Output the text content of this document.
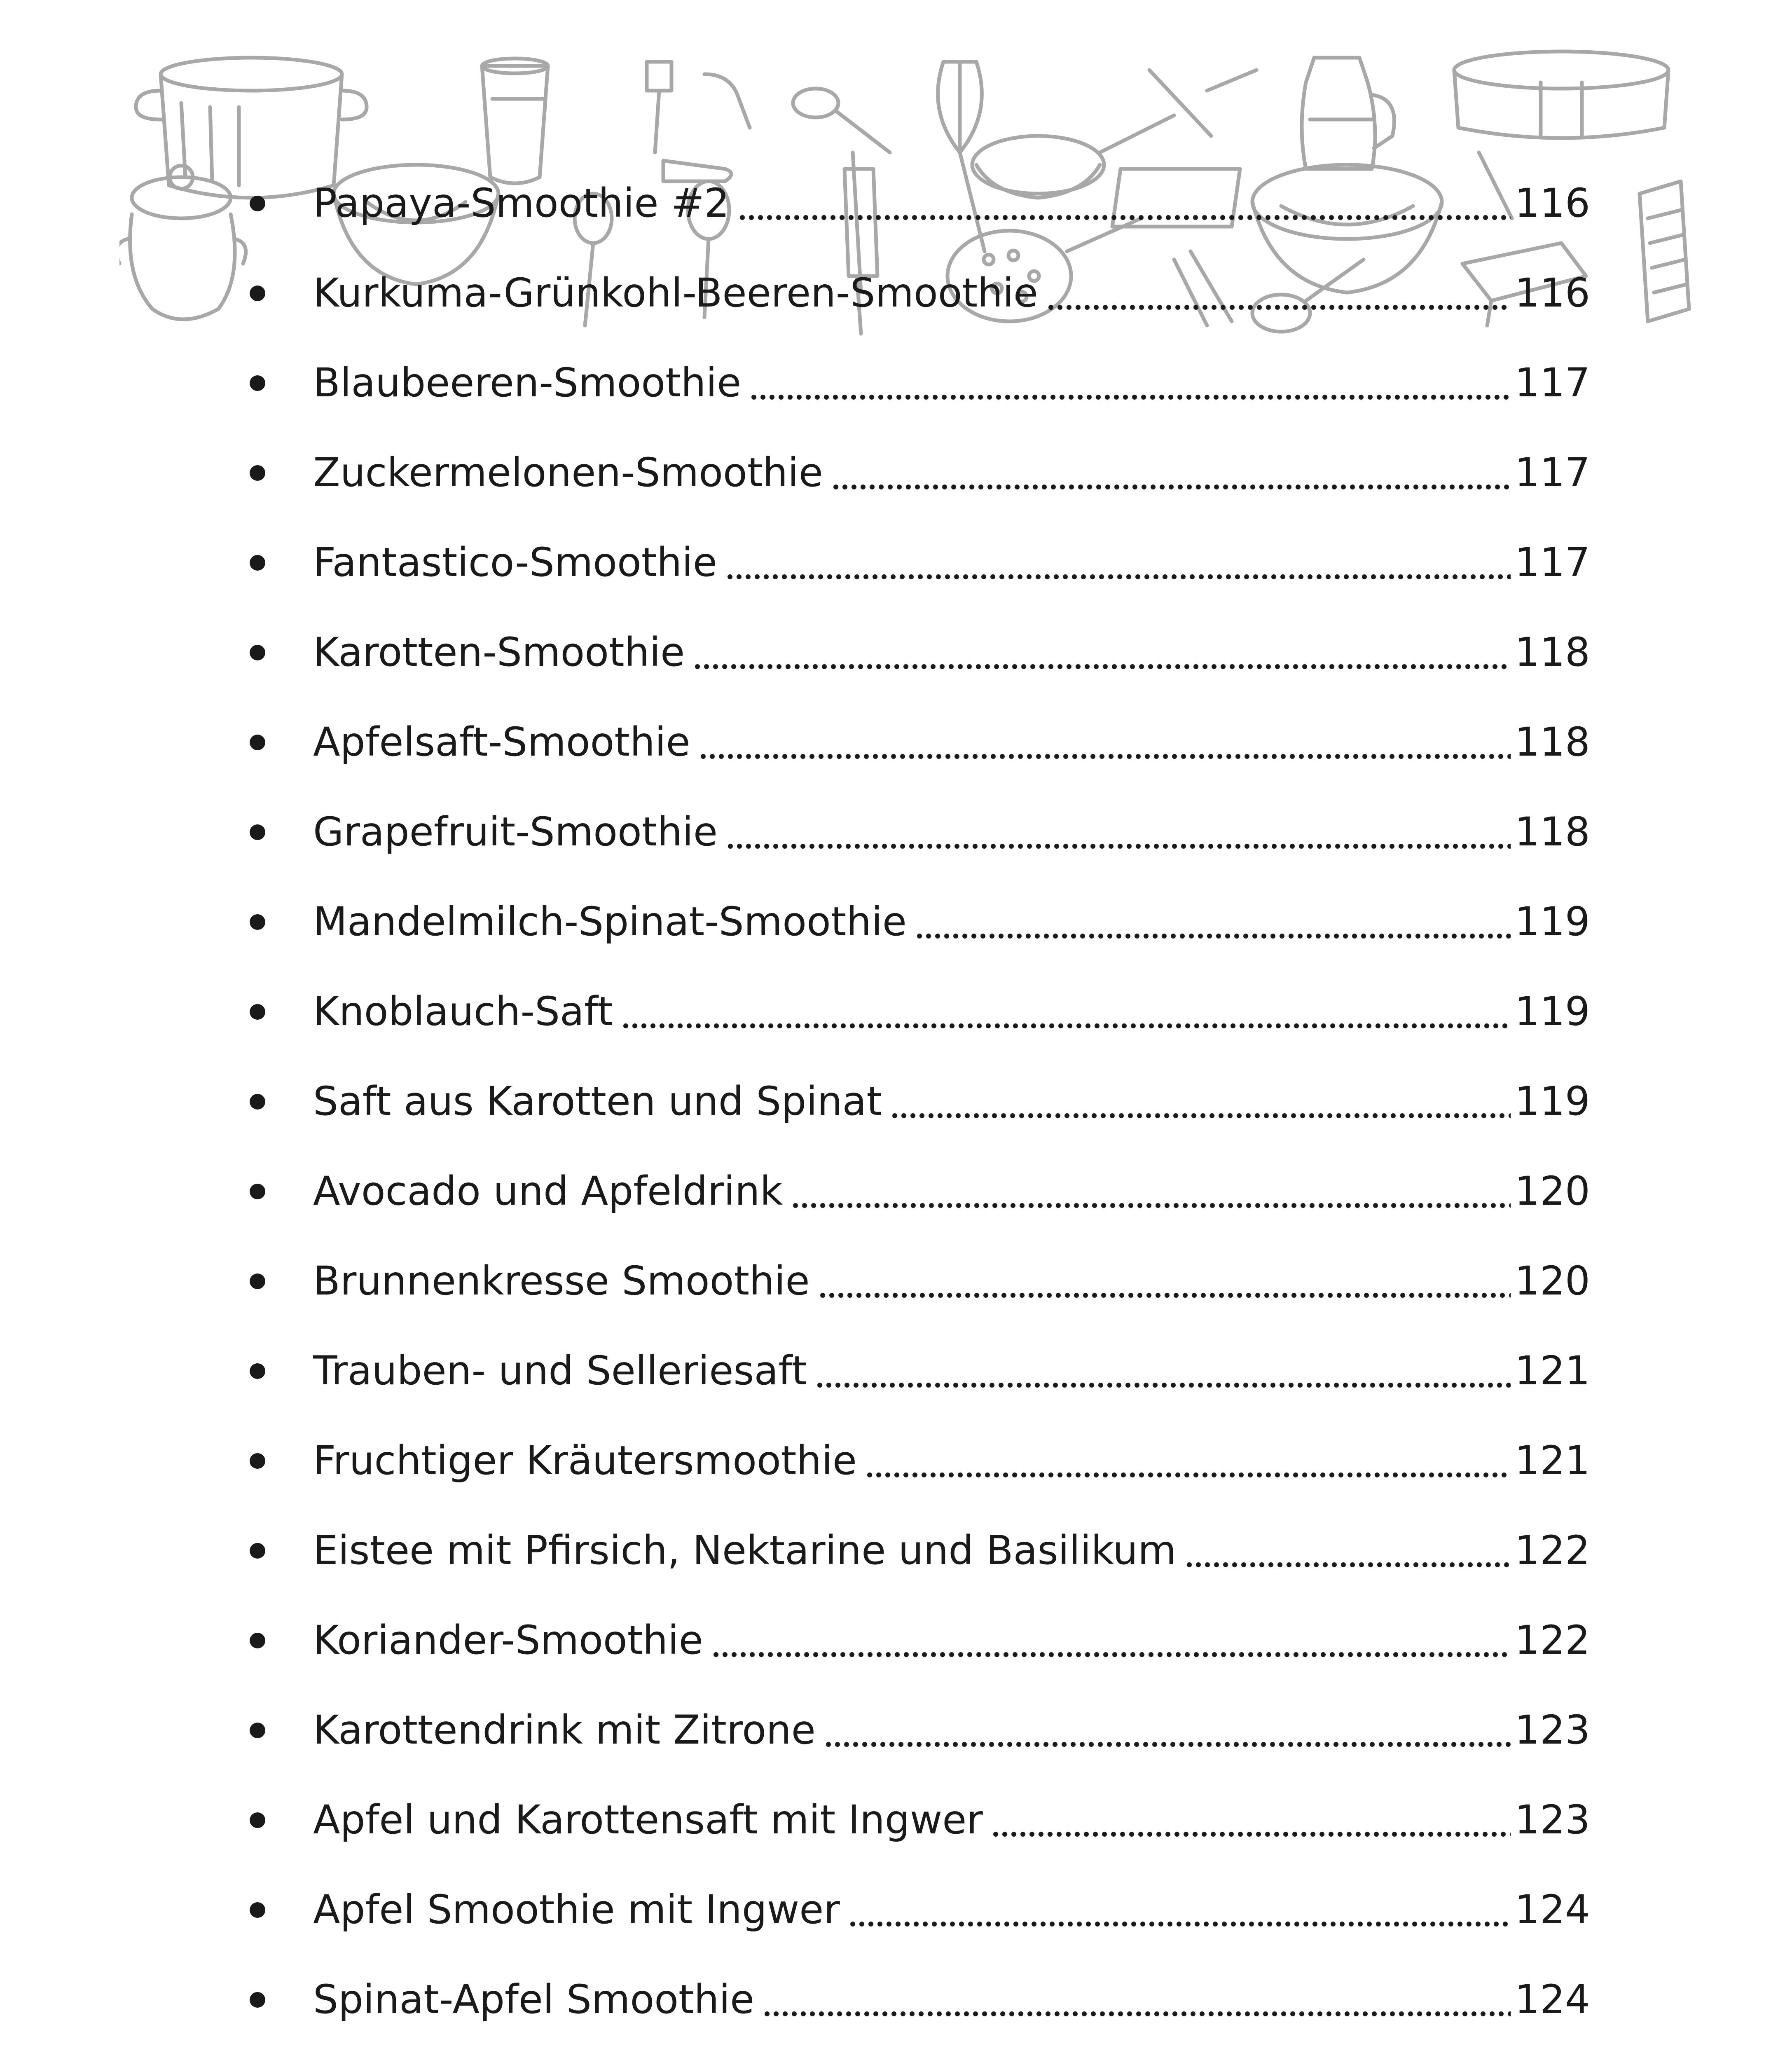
Papaya-Smoothie #2	116
Kurkuma-Grünkohl-Beeren-Smoothie	116
Blaubeeren-Smoothie	117
Zuckermelonen-Smoothie	117
Fantastico-Smoothie	117
Karotten-Smoothie	118
Apfelsaft-Smoothie	118
Grapefruit-Smoothie	118
Mandelmilch-Spinat-Smoothie	119
Knoblauch-Saft	119
Saft aus Karotten und Spinat	119
Avocado und Apfeldrink	120
Brunnenkresse Smoothie	120
Trauben- und Selleriesaft	121
Fruchtiger Kräutersmoothie	121
Eistee mit Pfirsich, Nektarine und Basilikum	122
Koriander-Smoothie	122
Karottendrink mit Zitrone	123
Apfel und Karottensaft mit Ingwer	123
Apfel Smoothie mit Ingwer	124
Spinat-Apfel Smoothie	124
